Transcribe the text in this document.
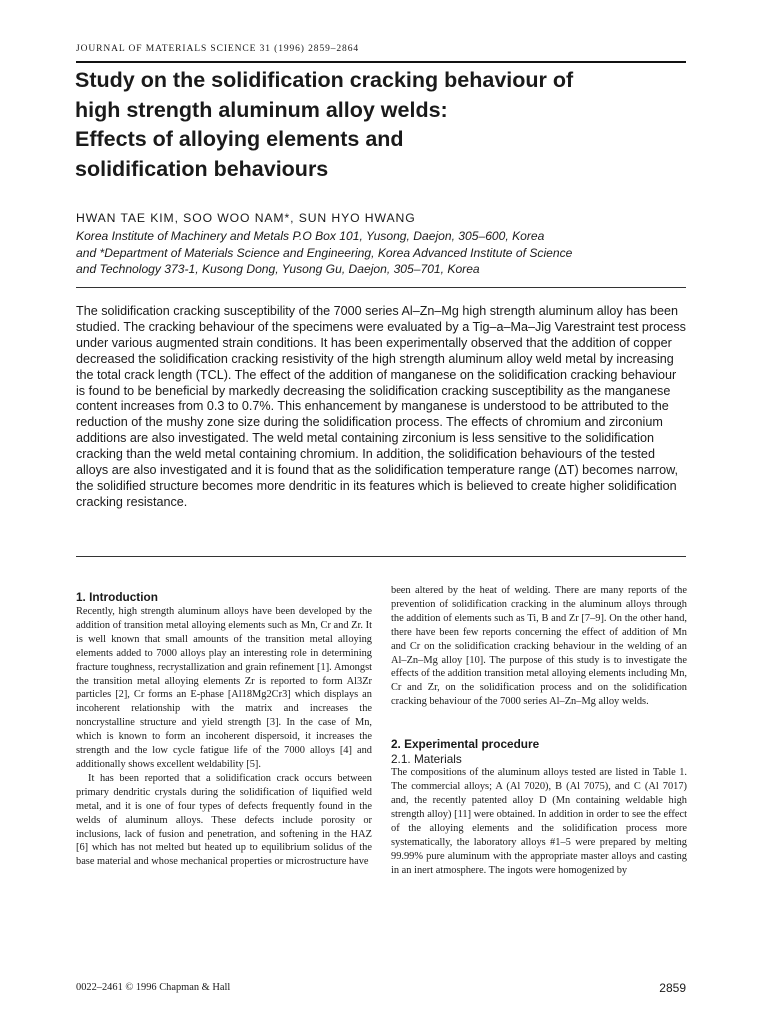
JOURNAL OF MATERIALS SCIENCE 31 (1996) 2859–2864
Study on the solidification cracking behaviour of
high strength aluminum alloy welds:
Effects of alloying elements and
solidification behaviours
HWAN TAE KIM, SOO WOO NAM*, SUN HYO HWANG
Korea Institute of Machinery and Metals P.O Box 101, Yusong, Daejon, 305–600, Korea
and *Department of Materials Science and Engineering, Korea Advanced Institute of Science
and Technology 373-1, Kusong Dong, Yusong Gu, Daejon, 305–701, Korea
The solidification cracking susceptibility of the 7000 series Al–Zn–Mg high strength aluminum alloy has been studied. The cracking behaviour of the specimens were evaluated by a Tig–a–Ma–Jig Varestraint test process under various augmented strain conditions. It has been experimentally observed that the addition of copper decreased the solidification cracking resistivity of the high strength aluminum alloy weld metal by increasing the total crack length (TCL). The effect of the addition of manganese on the solidification cracking behaviour is found to be beneficial by markedly decreasing the solidification cracking susceptibility as the manganese content increases from 0.3 to 0.7%. This enhancement by manganese is understood to be attributed to the reduction of the mushy zone size during the solidification process. The effects of chromium and zirconium additions are also investigated. The weld metal containing zirconium is less sensitive to the solidification cracking than the weld metal containing chromium. In addition, the solidification behaviours of the tested alloys are also investigated and it is found that as the solidification temperature range (ΔT) becomes narrow, the solidified structure becomes more dendritic in its features which is believed to create higher solidification cracking resistance.
1. Introduction

Recently, high strength aluminum alloys have been developed by the addition of transition metal alloying elements such as Mn, Cr and Zr. It is well known that small amounts of the transition metal alloying elements added to 7000 alloys play an interesting role in determining fracture toughness, recrystallization and grain refinement [1]. Amongst the transition metal alloying elements Zr is reported to form Al3Zr particles [2], Cr forms an E-phase [Al18Mg2Cr3] which displays an incoherent relationship with the matrix and increases the noncrystalline structure and yield strength [3]. In the case of Mn, which is known to form an incoherent dispersoid, it increases the strength and the low cycle fatigue life of the 7000 alloys [4] and additionally shows excellent weldability [5].

It has been reported that a solidification crack occurs between primary dendritic crystals during the solidification of liquified weld metal, and it is one of four types of defects frequently found in the welds of aluminum alloys. These defects include porosity or inclusions, lack of fusion and penetration, and softening in the HAZ [6] which has not melted but heated up to equilibrium solidus of the base material and whose mechanical properties or microstructure have

been altered by the heat of welding. There are many reports of the prevention of solidification cracking in the aluminum alloys through the addition of elements such as Ti, B and Zr [7–9]. On the other hand, there have been few reports concerning the effect of addition of Mn and Cr on the solidification cracking behaviour in the welding of an Al–Zn–Mg alloy [10]. The purpose of this study is to investigate the effects of the addition transition metal alloying elements including Mn, Cr and Zr, on the solidification process and on the solidification cracking behaviour of the 7000 series Al–Zn–Mg alloy welds.

2. Experimental procedure
2.1. Materials

The compositions of the aluminum alloys tested are listed in Table 1. The commercial alloys; A (Al 7020), B (Al 7075), and C (Al 7017) and, the recently patented alloy D (Mn containing weldable high strength alloy) [11] were obtained. In addition in order to see the effect of the alloying elements and the solidification process more systematically, the laboratory alloys #1–5 were prepared by melting 99.99% pure aluminum with the appropriate master alloys and casting in an inert atmosphere. The ingots were homogenized by

0022–2461 © 1996 Chapman & Hall	2859
